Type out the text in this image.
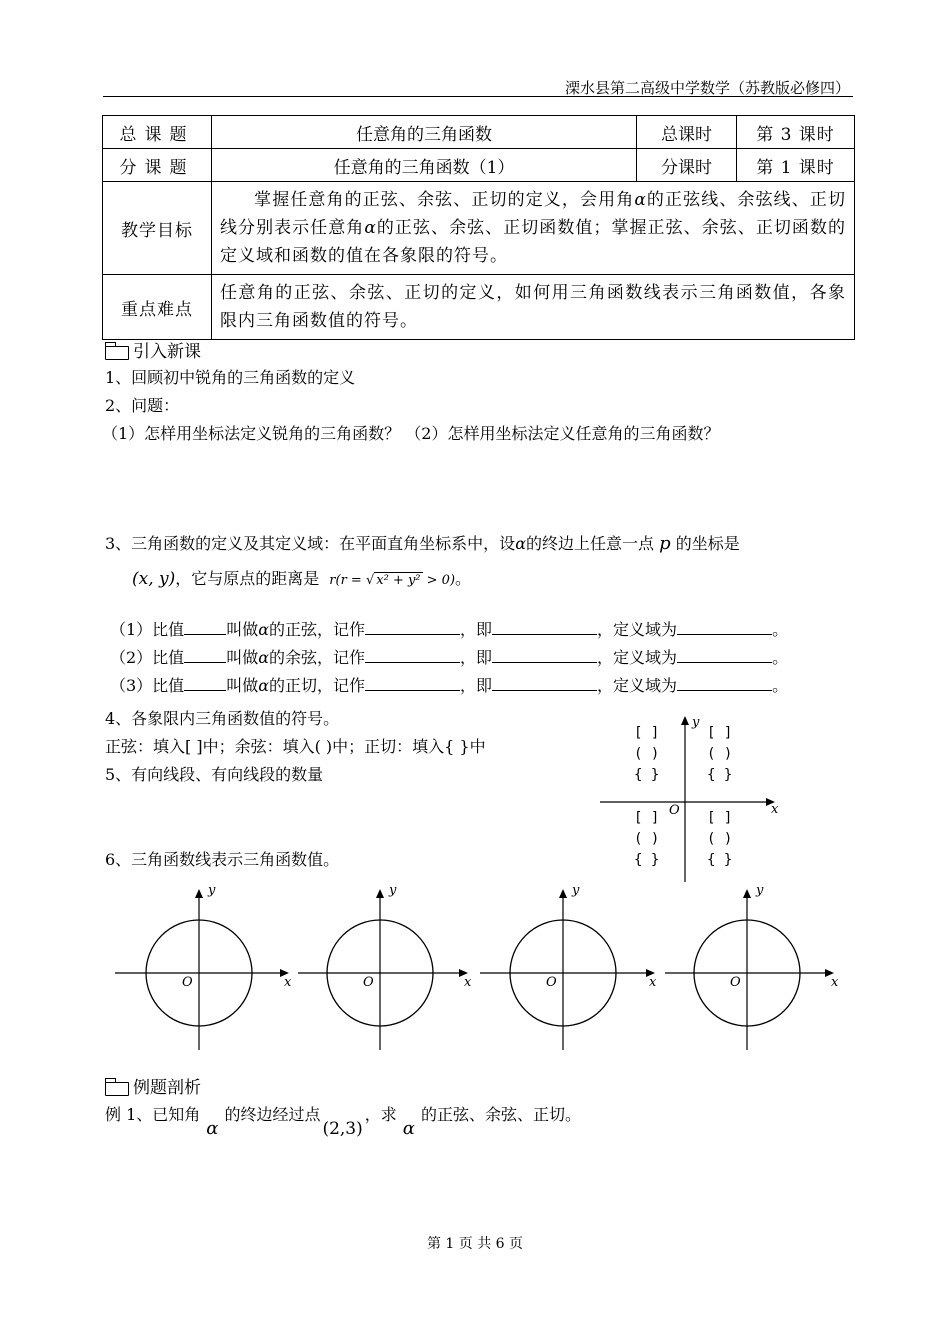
溧水县第二高级中学数学（苏教版必修四）
总课题	任意角的三角函数	总课时	第 3 课时
分课题	任意角的三角函数（1）	分课时	第 1 课时
教学目标	掌握任意角的正弦、余弦、正切的定义，会用角α的正弦线、余弦线、正切线分别表示任意角α的正弦、余弦、正切函数值；掌握正弦、余弦、正切函数的定义域和函数的值在各象限的符号。		
重点难点	任意角的正弦、余弦、正切的定义，如何用三角函数线表示三角函数值，各象限内三角函数值的符号。		
引入新课
1、回顾初中锐角的三角函数的定义
2、问题：
（1）怎样用坐标法定义锐角的三角函数？ （2）怎样用坐标法定义任意角的三角函数？
3、三角函数的定义及其定义域：在平面直角坐标系中，设α的终边上任意一点 p 的坐标是
(x, y)，它与原点的距离是 r(r = √ x² + y² > 0)。
（1）比值	叫做α的正弦，记作	，即	，定义域为	。
（2）比值	叫做α的余弦，记作	，即	，定义域为	。
（3）比值	叫做α的正切，记作	，即	，定义域为	。
4、各象限内三角函数值的符号。
正弦：填入[ ]中；余弦：填入( )中；正切：填入{ }中
5、有向线段、有向线段的数量
6、三角函数线表示三角函数值。
y
x
O
[ ]
( )
{ }
[ ]
( )
{ }
[ ]
( )
{ }
[ ]
( )
{ }
y
x
O
y
x
O
y
x
O
y
x
O
例题剖析
例 1、已知角α的终边经过点(2,3)，求α的正弦、余弦、正切。
第 1 页 共 6 页
